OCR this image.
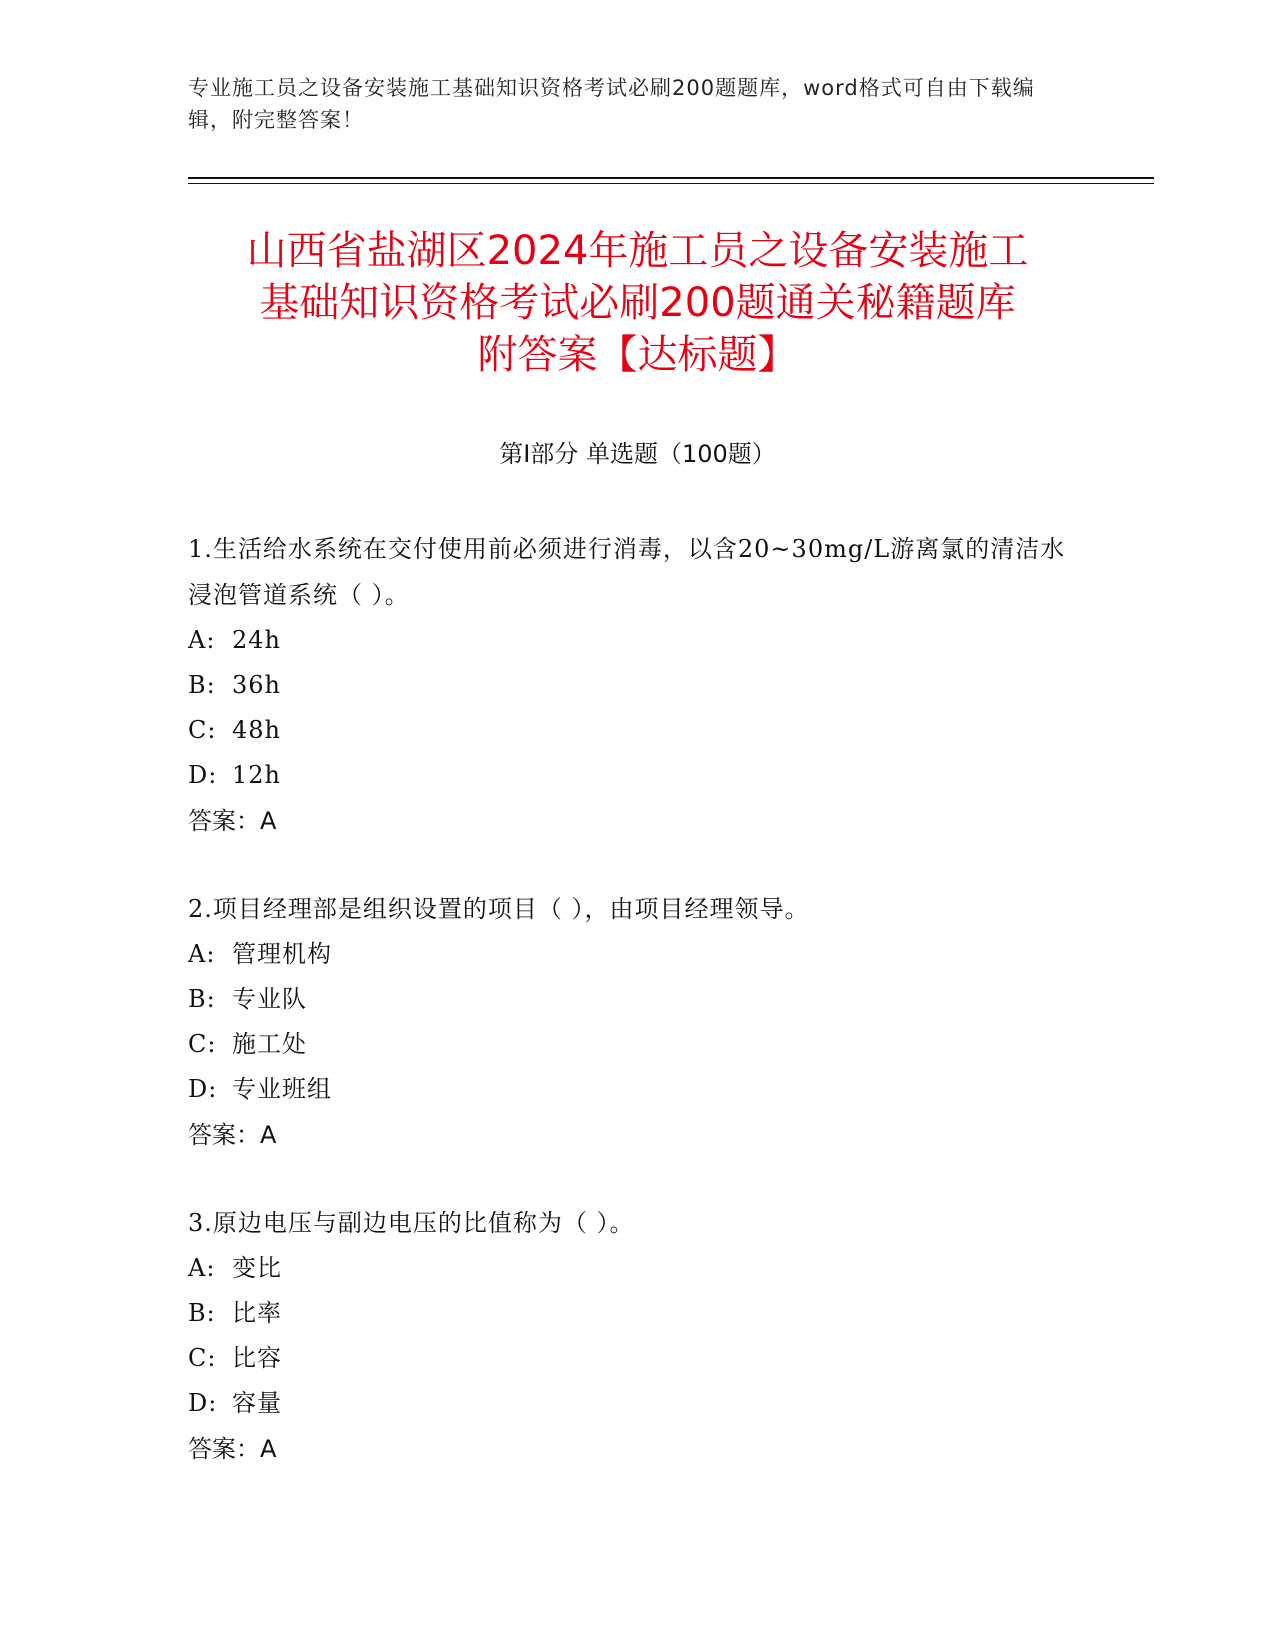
专业施工员之设备安装施工基础知识资格考试必刷200题题库，word格式可自由下载编辑，附完整答案！
山西省盐湖区2024年施工员之设备安装施工
基础知识资格考试必刷200题通关秘籍题库
附答案【达标题】
第Ⅰ部分 单选题（100题）
1.生活给水系统在交付使用前必须进行消毒，以含20~30mg/L游离氯的清洁水浸泡管道系统（ ）。
A: 24h
B: 36h
C: 48h
D: 12h
答案：A
2.项目经理部是组织设置的项目（ ），由项目经理领导。
A: 管理机构
B: 专业队
C: 施工处
D: 专业班组
答案：A
3.原边电压与副边电压的比值称为（ ）。
A: 变比
B: 比率
C: 比容
D: 容量
答案：A
